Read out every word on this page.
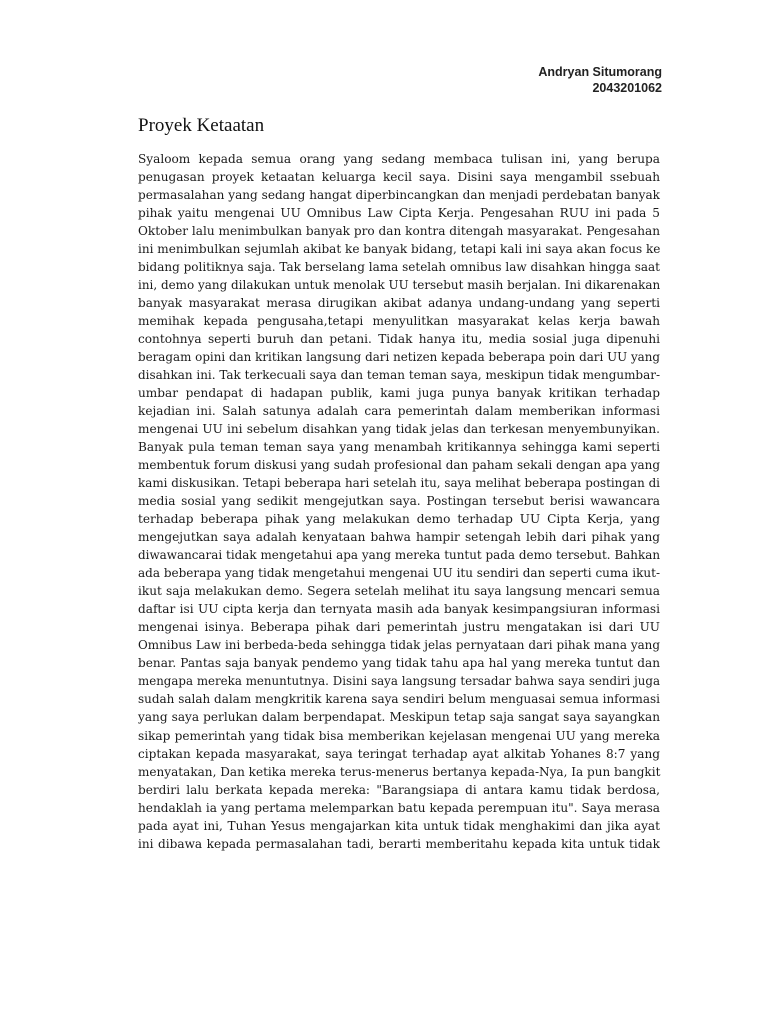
Andryan Situmorang
2043201062
Proyek Ketaatan
Syaloom kepada semua orang yang sedang membaca tulisan ini, yang berupa
penugasan proyek ketaatan keluarga kecil saya. Disini saya mengambil ssebuah
permasalahan yang sedang hangat diperbincangkan dan menjadi perdebatan banyak
pihak yaitu mengenai UU Omnibus Law Cipta Kerja. Pengesahan RUU ini pada 5
Oktober lalu menimbulkan banyak pro dan kontra ditengah masyarakat. Pengesahan
ini menimbulkan sejumlah akibat ke banyak bidang, tetapi kali ini saya akan focus ke
bidang politiknya saja. Tak berselang lama setelah omnibus law disahkan hingga saat
ini, demo yang dilakukan untuk menolak UU tersebut masih berjalan. Ini dikarenakan
banyak masyarakat merasa dirugikan akibat adanya undang-undang yang seperti
memihak kepada pengusaha,tetapi menyulitkan masyarakat kelas kerja bawah
contohnya seperti buruh dan petani. Tidak hanya itu, media sosial juga dipenuhi
beragam opini dan kritikan langsung dari netizen kepada beberapa poin dari UU yang
disahkan ini. Tak terkecuali saya dan teman teman saya, meskipun tidak mengumbar-
umbar pendapat di hadapan publik, kami juga punya banyak kritikan terhadap
kejadian ini. Salah satunya adalah cara pemerintah dalam memberikan informasi
mengenai UU ini sebelum disahkan yang tidak jelas dan terkesan menyembunyikan.
Banyak pula teman teman saya yang menambah kritikannya sehingga kami seperti
membentuk forum diskusi yang sudah profesional dan paham sekali dengan apa yang
kami diskusikan. Tetapi beberapa hari setelah itu, saya melihat beberapa postingan di
media sosial yang sedikit mengejutkan saya. Postingan tersebut berisi wawancara
terhadap beberapa pihak yang melakukan demo terhadap UU Cipta Kerja, yang
mengejutkan saya adalah kenyataan bahwa hampir setengah lebih dari pihak yang
diwawancarai tidak mengetahui apa yang mereka tuntut pada demo tersebut. Bahkan
ada beberapa yang tidak mengetahui mengenai UU itu sendiri dan seperti cuma ikut-
ikut saja melakukan demo. Segera setelah melihat itu saya langsung mencari semua
daftar isi UU cipta kerja dan ternyata masih ada banyak kesimpangsiuran informasi
mengenai isinya. Beberapa pihak dari pemerintah justru mengatakan isi dari UU
Omnibus Law ini berbeda-beda sehingga tidak jelas pernyataan dari pihak mana yang
benar. Pantas saja banyak pendemo yang tidak tahu apa hal yang mereka tuntut dan
mengapa mereka menuntutnya. Disini saya langsung tersadar bahwa saya sendiri juga
sudah salah dalam mengkritik karena saya sendiri belum menguasai semua informasi
yang saya perlukan dalam berpendapat. Meskipun tetap saja sangat saya sayangkan
sikap pemerintah yang tidak bisa memberikan kejelasan mengenai UU yang mereka
ciptakan kepada masyarakat, saya teringat terhadap ayat alkitab Yohanes 8:7 yang
menyatakan, Dan ketika mereka terus-menerus bertanya kepada-Nya, Ia pun bangkit
berdiri lalu berkata kepada mereka: "Barangsiapa di antara kamu tidak berdosa,
hendaklah ia yang pertama melemparkan batu kepada perempuan itu". Saya merasa
pada ayat ini, Tuhan Yesus mengajarkan kita untuk tidak menghakimi dan jika ayat
ini dibawa kepada permasalahan tadi, berarti memberitahu kepada kita untuk tidak
